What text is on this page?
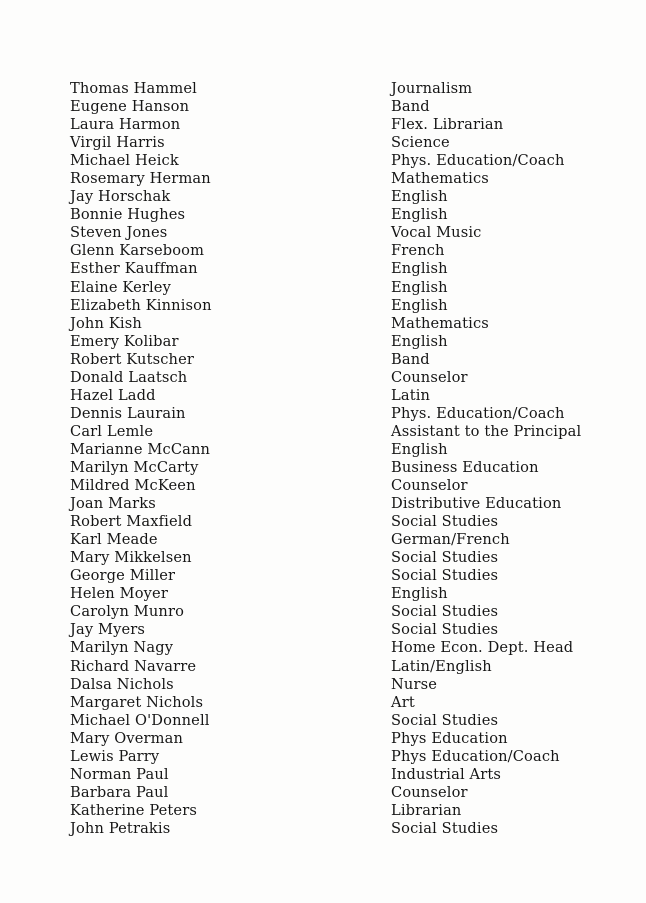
Thomas Hammel
Eugene Hanson
Laura Harmon
Virgil Harris
Michael Heick
Rosemary Herman
Jay Horschak
Bonnie Hughes
Steven Jones
Glenn Karseboom
Esther Kauffman
Elaine Kerley
Elizabeth Kinnison
John Kish
Emery Kolibar
Robert Kutscher
Donald Laatsch
Hazel Ladd
Dennis Laurain
Carl Lemle
Marianne McCann
Marilyn McCarty
Mildred McKeen
Joan Marks
Robert Maxfield
Karl Meade
Mary Mikkelsen
George Miller
Helen Moyer
Carolyn Munro
Jay Myers
Marilyn Nagy
Richard Navarre
Dalsa Nichols
Margaret Nichols
Michael O'Donnell
Mary Overman
Lewis Parry
Norman Paul
Barbara Paul
Katherine Peters
John Petrakis
Journalism
Band
Flex. Librarian
Science
Phys. Education/Coach
Mathematics
English
English
Vocal Music
French
English
English
English
Mathematics
English
Band
Counselor
Latin
Phys. Education/Coach
Assistant to the Principal
English
Business Education
Counselor
Distributive Education
Social Studies
German/French
Social Studies
Social Studies
English
Social Studies
Social Studies
Home Econ. Dept. Head
Latin/English
Nurse
Art
Social Studies
Phys Education
Phys Education/Coach
Industrial Arts
Counselor
Librarian
Social Studies
